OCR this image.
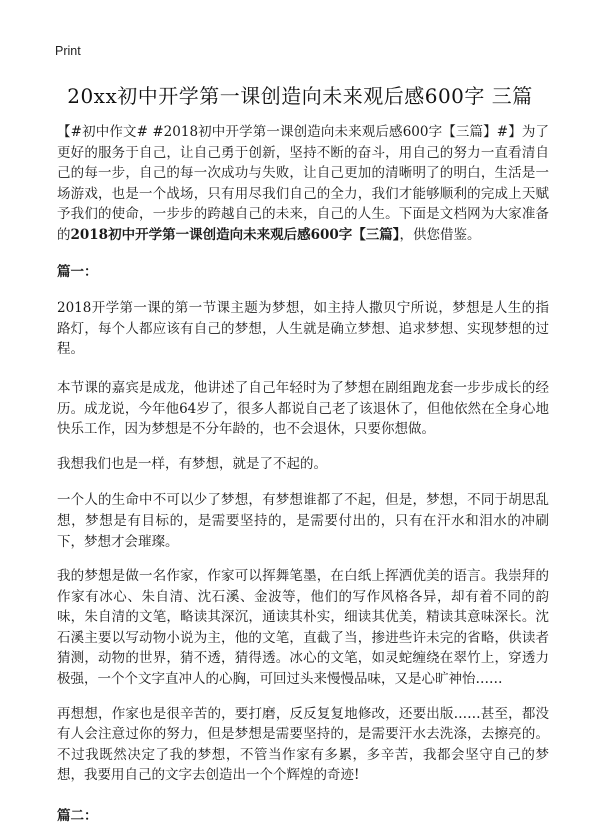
Print
20xx初中开学第一课创造向未来观后感600字 三篇

【#初中作文# #2018初中开学第一课创造向未来观后感600字【三篇】#】为了更好的服务于自己，让自己勇于创新，坚持不断的奋斗，用自己的努力一直看清自己的每一步，自己的每一次成功与失败，让自己更加的清晰明了的明白，生活是一场游戏，也是一个战场，只有用尽我们自己的全力，我们才能够顺利的完成上天赋予我们的使命，一步步的跨越自己的未来，自己的人生。下面是文档网为大家准备的2018初中开学第一课创造向未来观后感600字【三篇】，供您借鉴。

篇一：

2018开学第一课的第一节课主题为梦想，如主持人撒贝宁所说，梦想是人生的指路灯，每个人都应该有自己的梦想，人生就是确立梦想、追求梦想、实现梦想的过程。

本节课的嘉宾是成龙，他讲述了自己年轻时为了梦想在剧组跑龙套一步步成长的经历。成龙说，今年他64岁了，很多人都说自己老了该退休了，但他依然在全身心地快乐工作，因为梦想是不分年龄的，也不会退休，只要你想做。

我想我们也是一样，有梦想，就是了不起的。

一个人的生命中不可以少了梦想，有梦想谁都了不起，但是，梦想，不同于胡思乱想，梦想是有目标的，是需要坚持的，是需要付出的，只有在汗水和泪水的冲刷下，梦想才会璀璨。

我的梦想是做一名作家，作家可以挥舞笔墨，在白纸上挥洒优美的语言。我崇拜的作家有冰心、朱自清、沈石溪、金波等，他们的写作风格各异，却有着不同的韵味，朱自清的文笔，略读其深沉，通读其朴实，细读其优美，精读其意味深长。沈石溪主要以写动物小说为主，他的文笔，直截了当，掺进些许未完的省略，供读者猜测，动物的世界，猜不透，猜得透。冰心的文笔，如灵蛇缠绕在翠竹上，穿透力极强，一个个文字直冲人的心胸，可回过头来慢慢品味，又是心旷神怡……

再想想，作家也是很辛苦的，要打磨，反反复复地修改，还要出版……甚至，都没有人会注意过你的努力，但是梦想是需要坚持的，是需要汗水去洗涤，去擦亮的。不过我既然决定了我的梦想，不管当作家有多累，多辛苦，我都会坚守自己的梦想，我要用自己的文字去创造出一个个辉煌的奇迹!

篇二：
